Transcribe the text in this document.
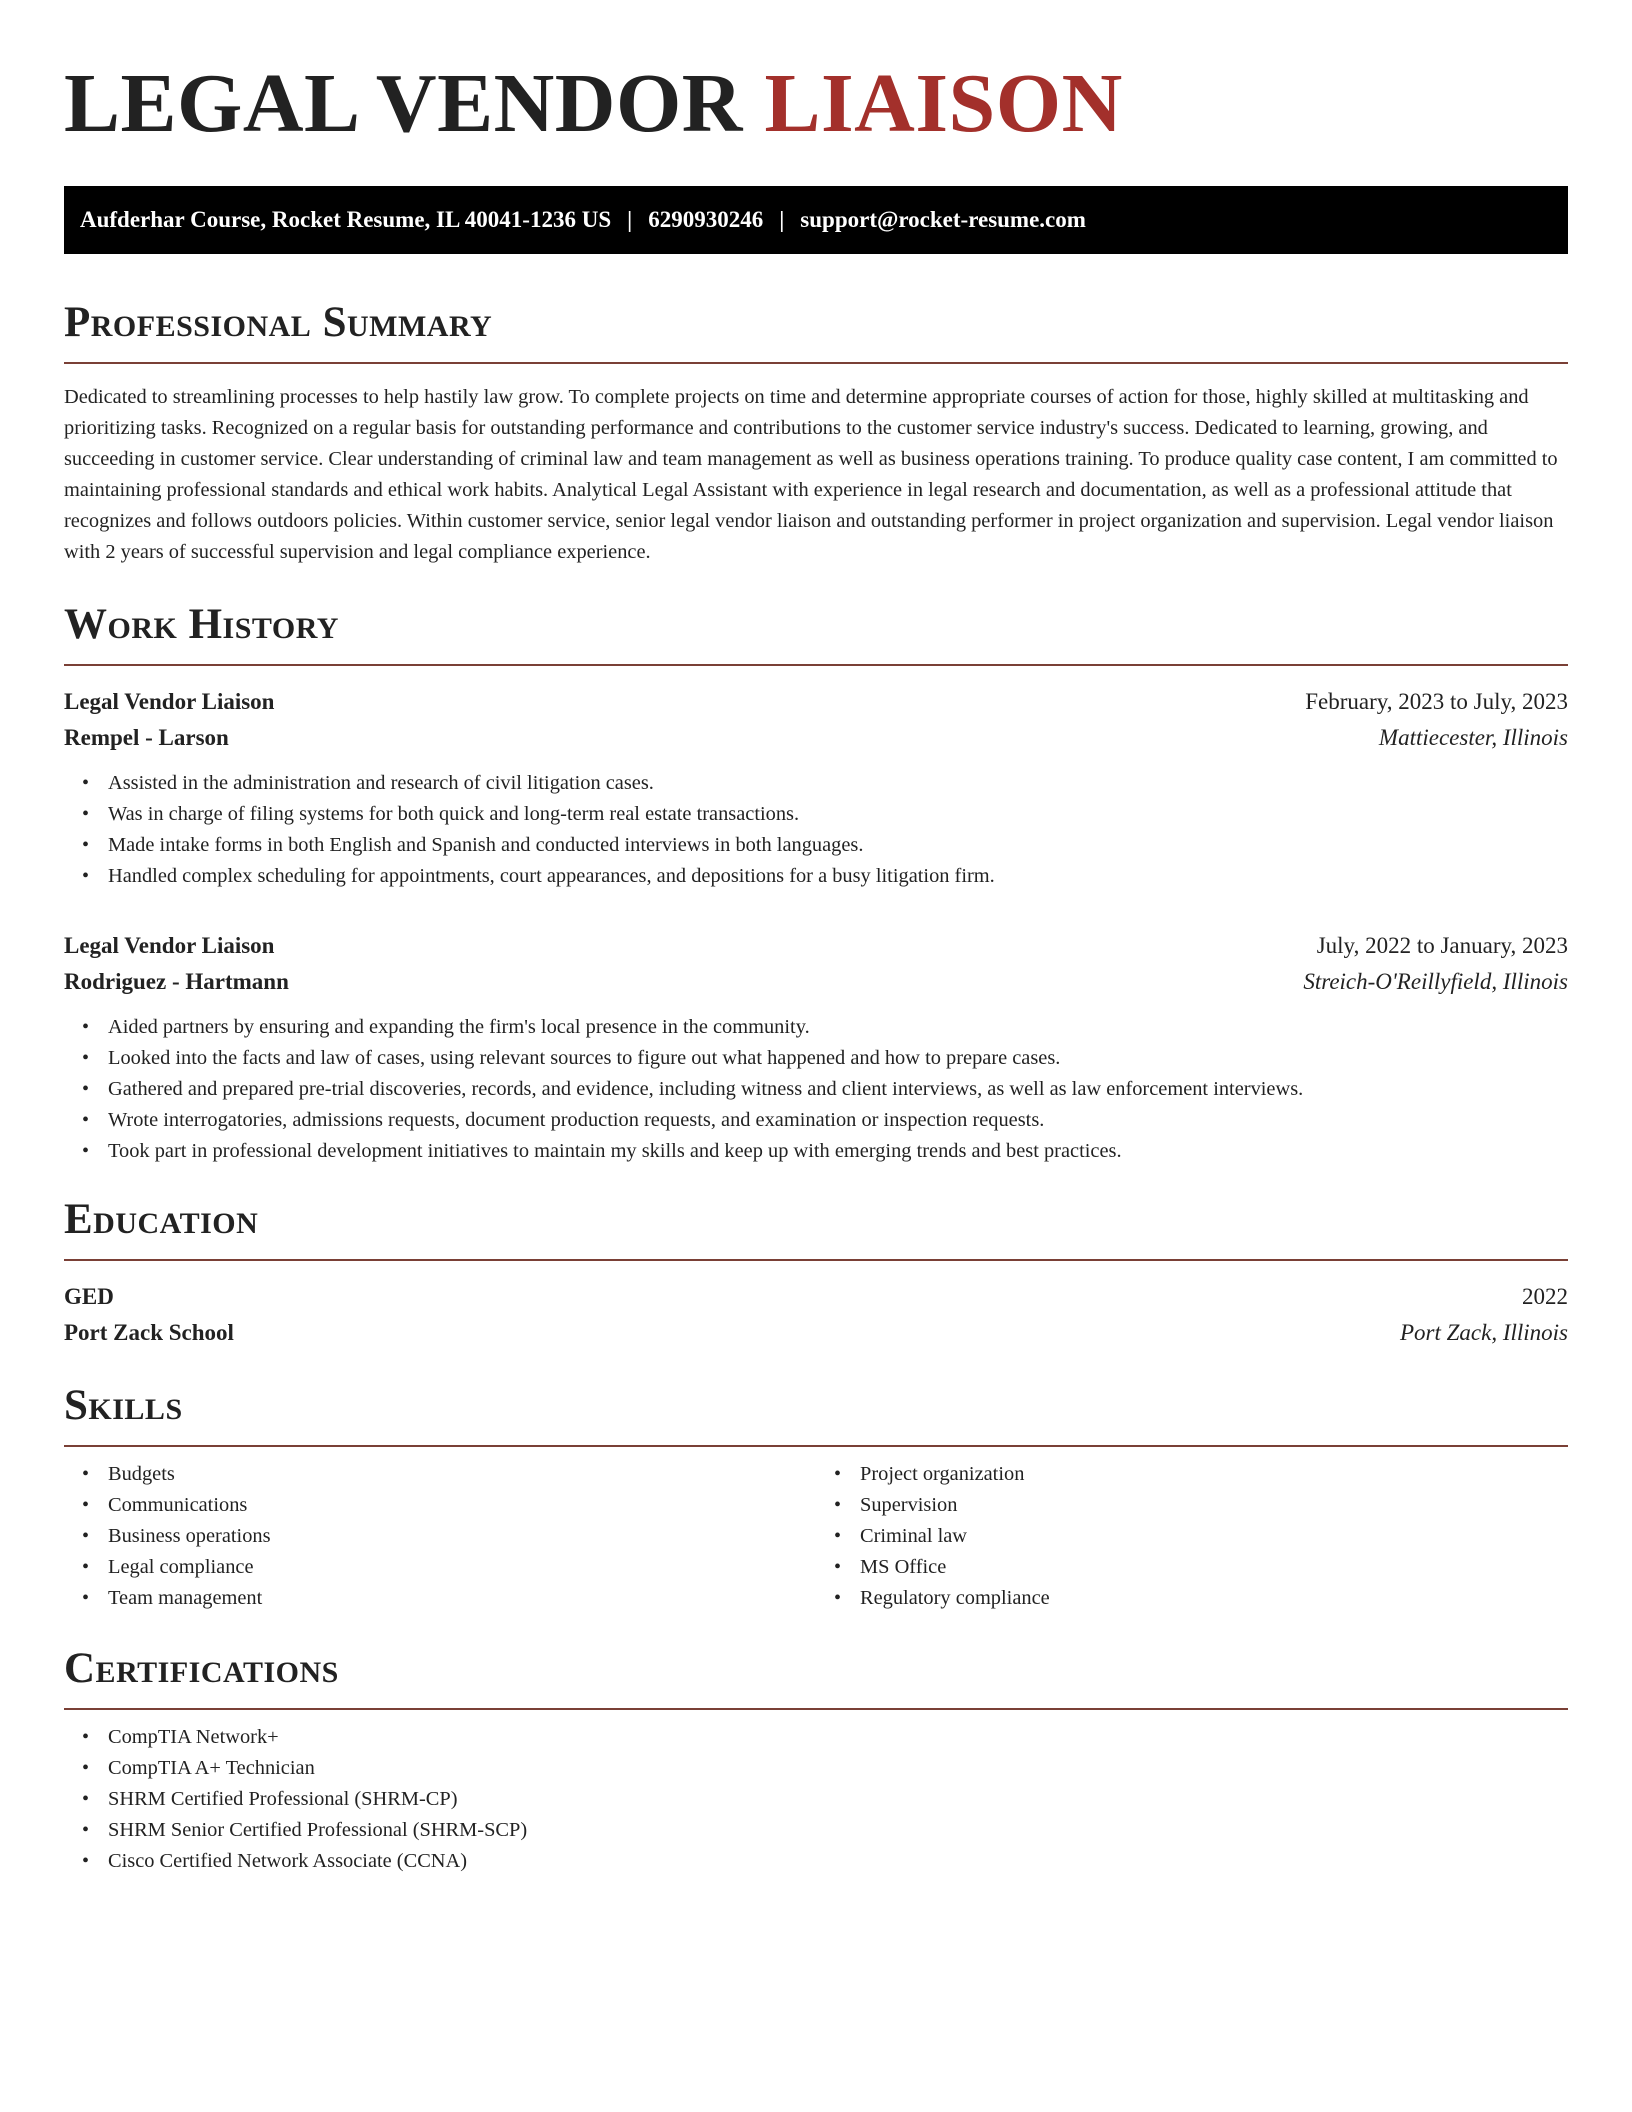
LEGAL VENDOR LIAISON
Aufderhar Course, Rocket Resume, IL 40041-1236 US | 6290930246 | support@rocket-resume.com
Professional Summary

Dedicated to streamlining processes to help hastily law grow. To complete projects on time and determine appropriate courses of action for those, highly skilled at multitasking and prioritizing tasks. Recognized on a regular basis for outstanding performance and contributions to the customer service industry's success. Dedicated to learning, growing, and succeeding in customer service. Clear understanding of criminal law and team management as well as business operations training. To produce quality case content, I am committed to maintaining professional standards and ethical work habits. Analytical Legal Assistant with experience in legal research and documentation, as well as a professional attitude that recognizes and follows outdoors policies. Within customer service, senior legal vendor liaison and outstanding performer in project organization and supervision. Legal vendor liaison with 2 years of successful supervision and legal compliance experience.

Work History
Legal Vendor Liaison	February, 2023 to July, 2023
Rempel - Larson	Mattiecester, Illinois
• Assisted in the administration and research of civil litigation cases.
• Was in charge of filing systems for both quick and long-term real estate transactions.
• Made intake forms in both English and Spanish and conducted interviews in both languages.
• Handled complex scheduling for appointments, court appearances, and depositions for a busy litigation firm.
Legal Vendor Liaison	July, 2022 to January, 2023
Rodriguez - Hartmann	Streich-O'Reillyfield, Illinois
• Aided partners by ensuring and expanding the firm's local presence in the community.
• Looked into the facts and law of cases, using relevant sources to figure out what happened and how to prepare cases.
• Gathered and prepared pre-trial discoveries, records, and evidence, including witness and client interviews, as well as law enforcement interviews.
• Wrote interrogatories, admissions requests, document production requests, and examination or inspection requests.
• Took part in professional development initiatives to maintain my skills and keep up with emerging trends and best practices.
Education
GED	2022
Port Zack School	Port Zack, Illinois
Skills
• Budgets
• Communications
• Business operations
• Legal compliance
• Team management
• Project organization
• Supervision
• Criminal law
• MS Office
• Regulatory compliance
Certifications
• CompTIA Network+
• CompTIA A+ Technician
• SHRM Certified Professional (SHRM-CP)
• SHRM Senior Certified Professional (SHRM-SCP)
• Cisco Certified Network Associate (CCNA)
